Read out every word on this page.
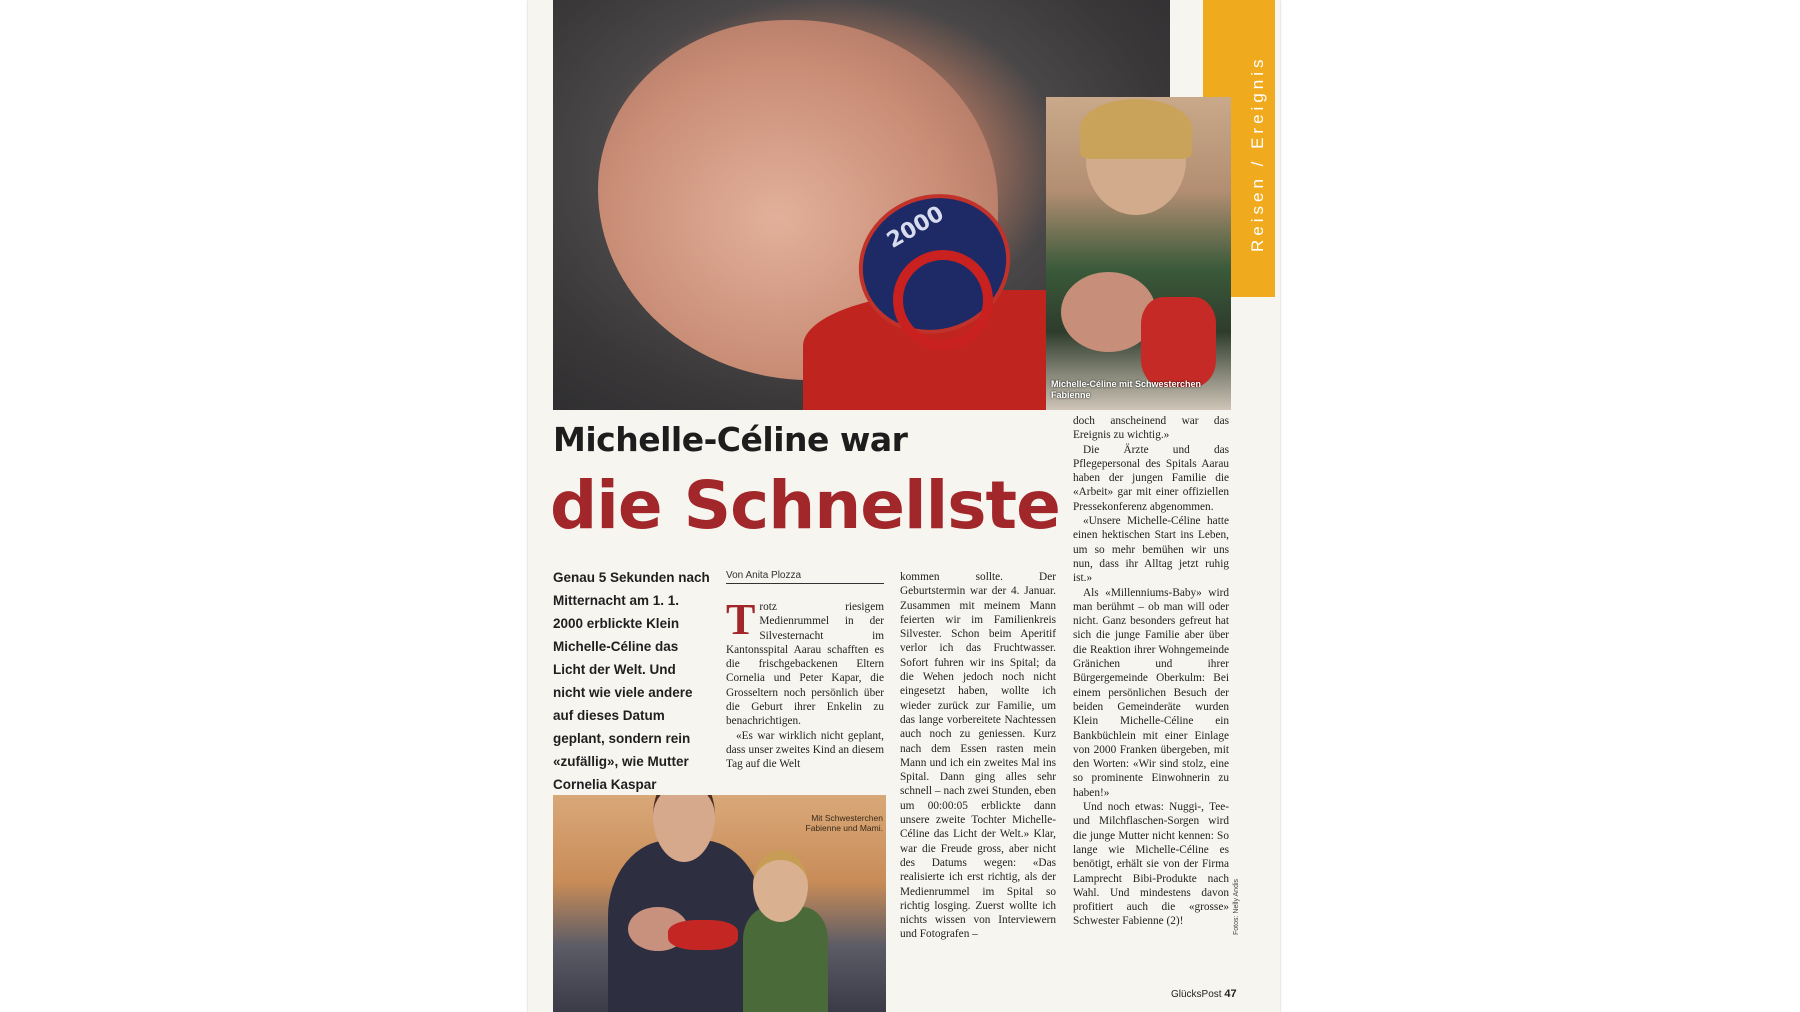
2000	Reisen / Ereignis
Michelle-Céline mit Schwesterchen Fabienne
Michelle-Céline war
die Schnellste
Genau 5 Sekunden nach Mitternacht am 1. 1. 2000 erblickte Klein Michelle-Céline das Licht der Welt. Und nicht wie viele andere auf dieses Datum geplant, sondern rein «zufällig», wie Mutter Cornelia Kaspar
Von Anita Plozza

Trotz riesigem Medienrummel in der Silvesternacht im Kantonsspital Aarau schafften es die frischgebackenen Eltern Cornelia und Peter Kapar, die Grosseltern noch persönlich über die Geburt ihrer Enkelin zu benachrichtigen.

«Es war wirklich nicht geplant, dass unser zweites Kind an diesem Tag auf die Welt

kommen sollte. Der Geburtstermin war der 4. Januar. Zusammen mit meinem Mann feierten wir im Familienkreis Silvester. Schon beim Aperitif verlor ich das Fruchtwasser. Sofort fuhren wir ins Spital; da die Wehen jedoch noch nicht eingesetzt haben, wollte ich wieder zurück zur Familie, um das lange vorbereitete Nachtessen auch noch zu geniessen. Kurz nach dem Essen rasten mein Mann und ich ein zweites Mal ins Spital. Dann ging alles sehr schnell – nach zwei Stunden, eben um 00:00:05 erblickte dann unsere zweite Tochter Michelle-Céline das Licht der Welt.» Klar, war die Freude gross, aber nicht des Datums wegen: «Das realisierte ich erst richtig, als der Medienrummel im Spital so richtig losging. Zuerst wollte ich nichts wissen von Interviewern und Fotografen –

doch anscheinend war das Ereignis zu wichtig.»

Die Ärzte und das Pflegepersonal des Spitals Aarau haben der jungen Familie die «Arbeit» gar mit einer offiziellen Pressekonferenz abgenommen.

«Unsere Michelle-Céline hatte einen hektischen Start ins Leben, um so mehr bemühen wir uns nun, dass ihr Alltag jetzt ruhig ist.»

Als «Millenniums-Baby» wird man berühmt – ob man will oder nicht. Ganz besonders gefreut hat sich die junge Familie aber über die Reaktion ihrer Wohngemeinde Gränichen und ihrer Bürgergemeinde Oberkulm: Bei einem persönlichen Besuch der beiden Gemeinderäte wurden Klein Michelle-Céline ein Bankbüchlein mit einer Einlage von 2000 Franken übergeben, mit den Worten: «Wir sind stolz, eine so prominente Einwohnerin zu haben!»

Und noch etwas: Nuggi-, Tee- und Milchflaschen-Sorgen wird die junge Mutter nicht kennen: So lange wie Michelle-Céline es benötigt, erhält sie von der Firma Lamprecht Bibi-Produkte nach Wahl. Und mindestens davon profitiert auch die «grosse» Schwester Fabienne (2)!

Mit Schwesterchen Fabienne und Mami.
Fotos: Nelly Andis
GlücksPost 47
